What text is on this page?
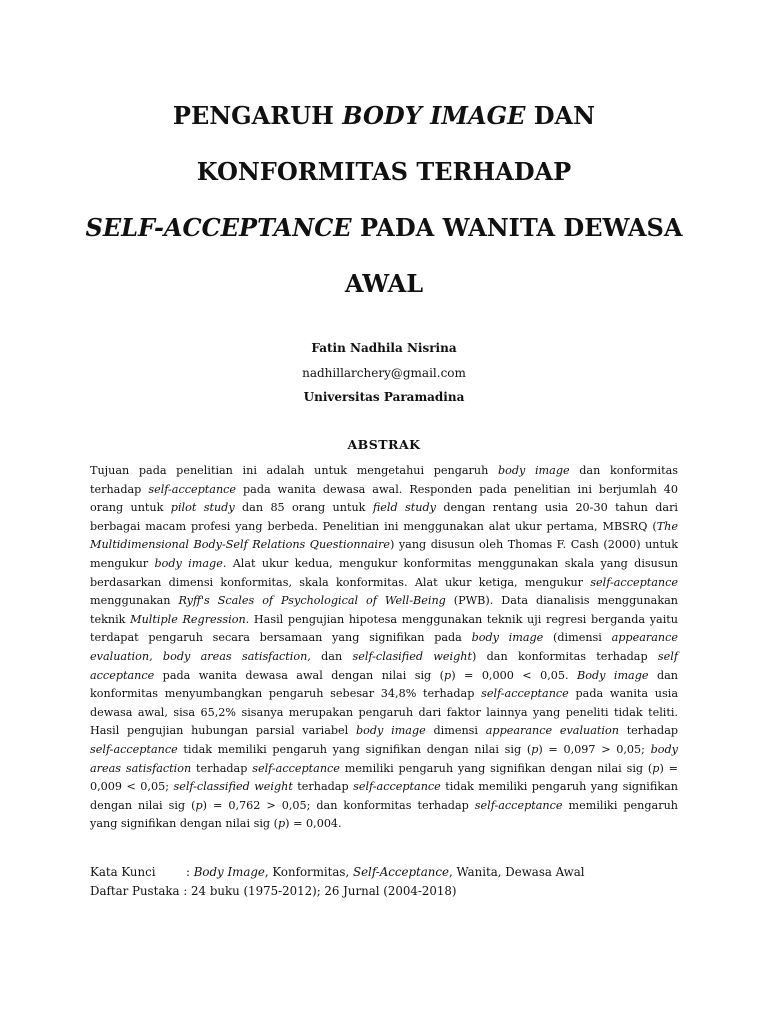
PENGARUH BODY IMAGE DAN
KONFORMITAS TERHADAP
SELF-ACCEPTANCE PADA WANITA DEWASA
AWAL
Fatin Nadhila Nisrina
nadhillarchery@gmail.com
Universitas Paramadina
ABSTRAK
Tujuan pada penelitian ini adalah untuk mengetahui pengaruh body image dan konformitas
terhadap self-acceptance pada wanita dewasa awal. Responden pada penelitian ini berjumlah 40
orang untuk pilot study dan 85 orang untuk field study dengan rentang usia 20-30 tahun dari
berbagai macam profesi yang berbeda. Penelitian ini menggunakan alat ukur pertama, MBSRQ (The
Multidimensional Body-Self Relations Questionnaire) yang disusun oleh Thomas F. Cash (2000) untuk
mengukur body image. Alat ukur kedua, mengukur konformitas menggunakan skala yang disusun
berdasarkan dimensi konformitas, skala konformitas. Alat ukur ketiga, mengukur self-acceptance
menggunakan Ryff's Scales of Psychological of Well-Being (PWB). Data dianalisis menggunakan
teknik Multiple Regression. Hasil pengujian hipotesa menggunakan teknik uji regresi berganda yaitu
terdapat pengaruh secara bersamaan yang signifikan pada body image (dimensi appearance
evaluation, body areas satisfaction, dan self-clasified weight) dan konformitas terhadap self
acceptance pada wanita dewasa awal dengan nilai sig (p) = 0,000 < 0,05. Body image dan
konformitas menyumbangkan pengaruh sebesar 34,8% terhadap self-acceptance pada wanita usia
dewasa awal, sisa 65,2% sisanya merupakan pengaruh dari faktor lainnya yang peneliti tidak teliti.
Hasil pengujian hubungan parsial variabel body image dimensi appearance evaluation terhadap
self-acceptance tidak memiliki pengaruh yang signifikan dengan nilai sig (p) = 0,097 > 0,05; body
areas satisfaction terhadap self-acceptance memiliki pengaruh yang signifikan dengan nilai sig (p) =
0,009 < 0,05; self-classified weight terhadap self-acceptance tidak memiliki pengaruh yang signifikan
dengan nilai sig (p) = 0,762 > 0,05; dan konformitas terhadap self-acceptance memiliki pengaruh
yang signifikan dengan nilai sig (p) = 0,004.
Kata Kunci	: Body Image, Konformitas, Self-Acceptance, Wanita, Dewasa Awal
Daftar Pustaka : 24 buku (1975-2012); 26 Jurnal (2004-2018)
